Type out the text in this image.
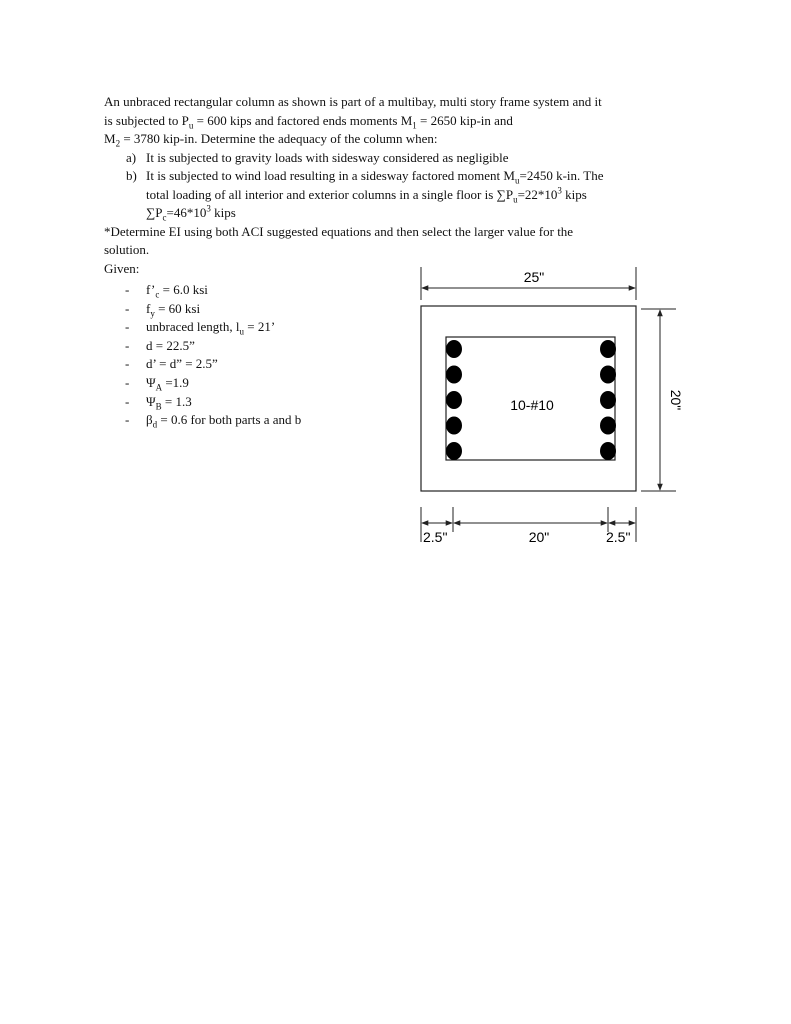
An unbraced rectangular column as shown is part of a multibay, multi story frame system and it

is subjected to $P_u = 600$ kips and factored ends moments $M_1 = 2650$ kip-in and

$M_2 = 3780$ kip-in. Determine the adequacy of the column when:

a) It is subjected to gravity loads with sidesway considered as negligible
b) It is subjected to wind load resulting in a sidesway factored moment $M_u=2450$ k-in. The
total loading of all interior and exterior columns in a single floor is $\sum P_u=22*10^3$ kips
$\sum P_c=46*10^3$ kips

*Determine EI using both ACI suggested equations and then select the larger value for the

solution.

Given:

- $f’_c = 6.0$ ksi
- $f_y = 60$ ksi
- unbraced length, $l_u = 21$’
- d = 22.5”
- d’ = d” = 2.5”
- $\Psi_A =1.9$
- $\Psi_B = 1.3$
- $\beta_d = 0.6$ for both parts a and b
25"
10-#10	20"
2.5"	20"	2.5"
